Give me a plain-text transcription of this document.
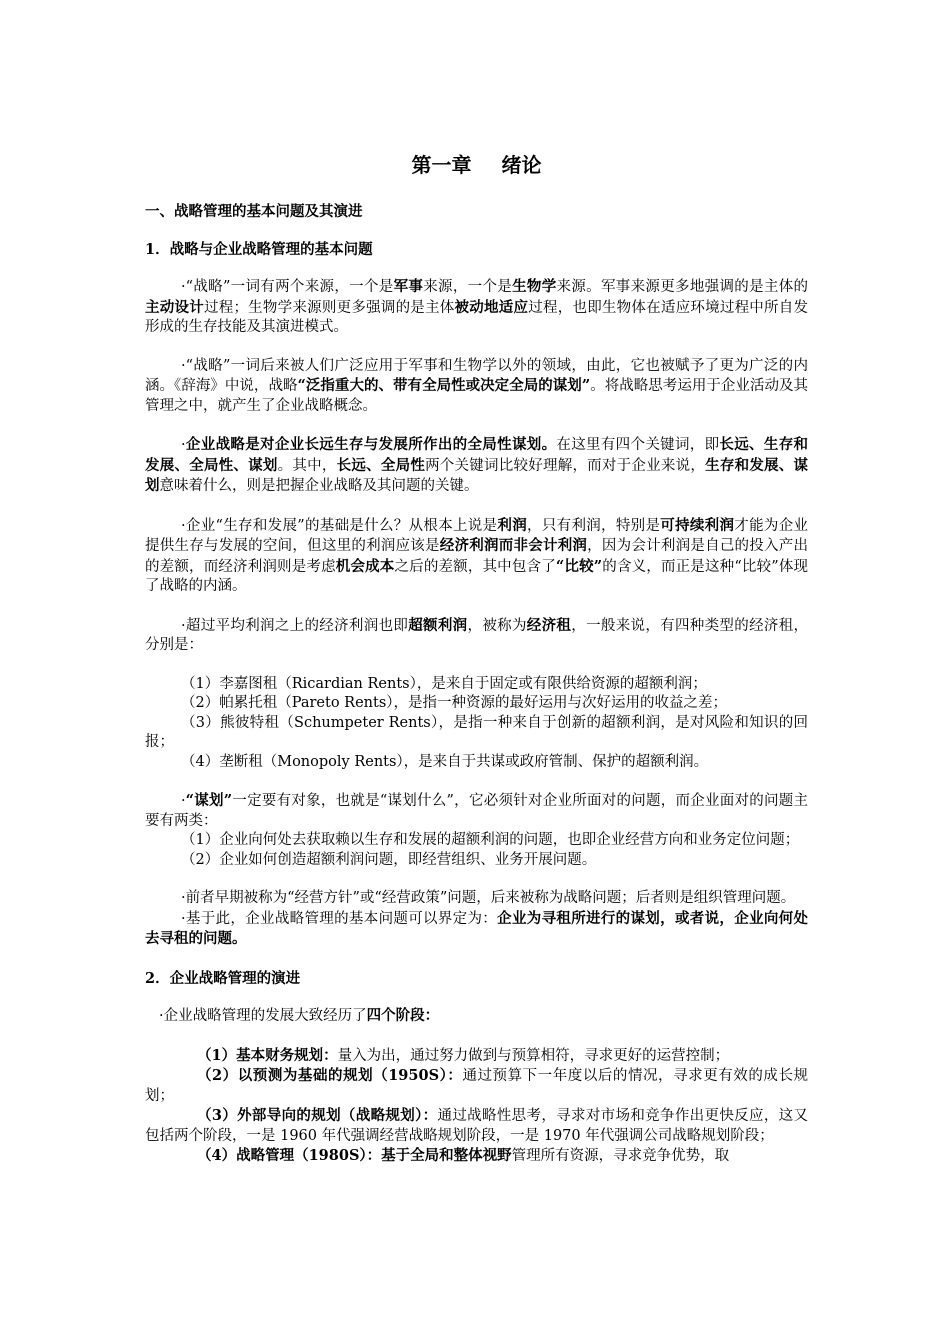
第一章 绪论
一、战略管理的基本问题及其演进
1．战略与企业战略管理的基本问题

·“战略”一词有两个来源，一个是军事来源，一个是生物学来源。军事来源更多地强调的是主体的主动设计过程；生物学来源则更多强调的是主体被动地适应过程，也即生物体在适应环境过程中所自发形成的生存技能及其演进模式。

·“战略”一词后来被人们广泛应用于军事和生物学以外的领域，由此，它也被赋予了更为广泛的内涵。《辞海》中说，战略“泛指重大的、带有全局性或决定全局的谋划”。将战略思考运用于企业活动及其管理之中，就产生了企业战略概念。

·企业战略是对企业长远生存与发展所作出的全局性谋划。在这里有四个关键词，即长远、生存和发展、全局性、谋划。其中，长远、全局性两个关键词比较好理解，而对于企业来说，生存和发展、谋划意味着什么，则是把握企业战略及其问题的关键。

·企业“生存和发展”的基础是什么？从根本上说是利润，只有利润，特别是可持续利润才能为企业提供生存与发展的空间，但这里的利润应该是经济利润而非会计利润，因为会计利润是自己的投入产出的差额，而经济利润则是考虑机会成本之后的差额，其中包含了“比较”的含义，而正是这种“比较”体现了战略的内涵。

·超过平均利润之上的经济利润也即超额利润，被称为经济租，一般来说，有四种类型的经济租，分别是：

（1）李嘉图租（Ricardian Rents），是来自于固定或有限供给资源的超额利润；

（2）帕累托租（Pareto Rents），是指一种资源的最好运用与次好运用的收益之差；

（3）熊彼特租（Schumpeter Rents），是指一种来自于创新的超额利润，是对风险和知识的回报；

（4）垄断租（Monopoly Rents），是来自于共谋或政府管制、保护的超额利润。

·“谋划”一定要有对象，也就是“谋划什么”，它必须针对企业所面对的问题，而企业面对的问题主要有两类：

（1）企业向何处去获取赖以生存和发展的超额利润的问题，也即企业经营方向和业务定位问题；

（2）企业如何创造超额利润问题，即经营组织、业务开展问题。

·前者早期被称为“经营方针”或“经营政策”问题，后来被称为战略问题；后者则是组织管理问题。

·基于此，企业战略管理的基本问题可以界定为：企业为寻租所进行的谋划，或者说，企业向何处去寻租的问题。

2．企业战略管理的演进

·企业战略管理的发展大致经历了四个阶段：

（1）基本财务规划：量入为出，通过努力做到与预算相符，寻求更好的运营控制；

（2）以预测为基础的规划（1950S）：通过预算下一年度以后的情况，寻求更有效的成长规划；

（3）外部导向的规划（战略规划）：通过战略性思考，寻求对市场和竞争作出更快反应，这又包括两个阶段，一是 1960 年代强调经营战略规划阶段，一是 1970 年代强调公司战略规划阶段；

（4）战略管理（1980S）：基于全局和整体视野管理所有资源，寻求竞争优势，取
